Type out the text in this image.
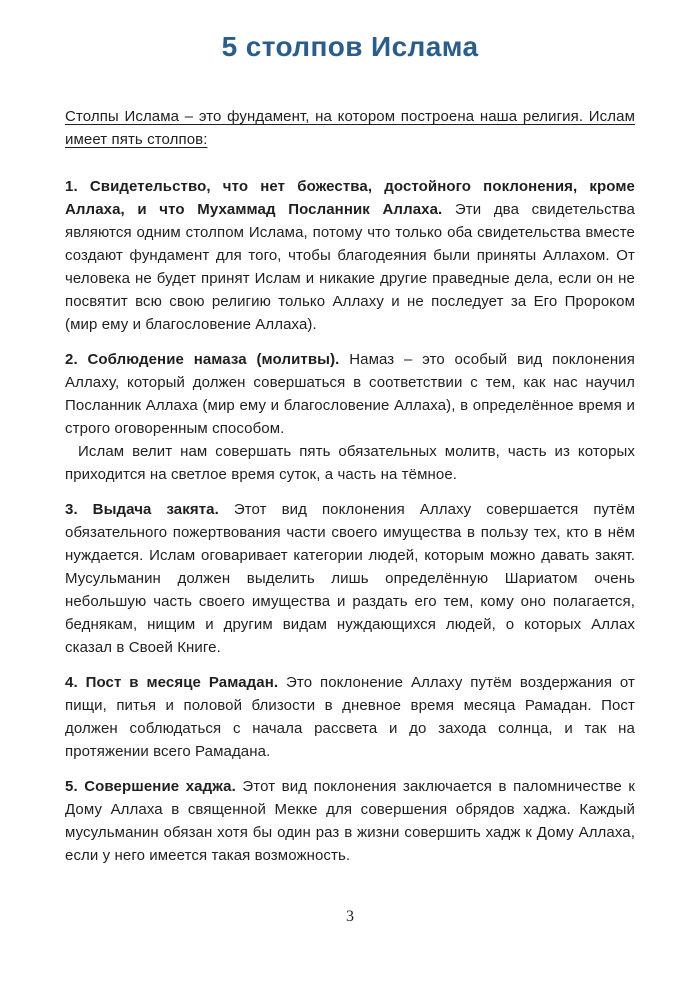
5 столпов Ислама

Столпы Ислама – это фундамент, на котором построена наша религия. Ислам имеет пять столпов:

1. Свидетельство, что нет божества, достойного поклонения, кроме Аллаха, и что Мухаммад Посланник Аллаха. Эти два свидетельства являются одним столпом Ислама, потому что только оба свидетельства вместе создают фундамент для того, чтобы благодеяния были приняты Аллахом. От человека не будет принят Ислам и никакие другие праведные дела, если он не посвятит всю свою религию только Аллаху и не последует за Его Пророком (мир ему и благословение Аллаха).

2. Соблюдение намаза (молитвы). Намаз – это особый вид поклонения Аллаху, который должен совершаться в соответствии с тем, как нас научил Посланник Аллаха (мир ему и благословение Аллаха), в определённое время и строго оговоренным способом.

Ислам велит нам совершать пять обязательных молитв, часть из которых приходится на светлое время суток, а часть на тёмное.

3. Выдача закята. Этот вид поклонения Аллаху совершается путём обязательного пожертвования части своего имущества в пользу тех, кто в нём нуждается. Ислам оговаривает категории людей, которым можно давать закят. Мусульманин должен выделить лишь определённую Шариатом очень небольшую часть своего имущества и раздать его тем, кому оно полагается, беднякам, нищим и другим видам нуждающихся людей, о которых Аллах сказал в Своей Книге.

4. Пост в месяце Рамадан. Это поклонение Аллаху путём воздержания от пищи, питья и половой близости в дневное время месяца Рамадан. Пост должен соблюдаться с начала рассвета и до захода солнца, и так на протяжении всего Рамадана.

5. Совершение хаджа. Этот вид поклонения заключается в паломничестве к Дому Аллаха в священной Мекке для совершения обрядов хаджа. Каждый мусульманин обязан хотя бы один раз в жизни совершить хадж к Дому Аллаха, если у него имеется такая возможность.

3
